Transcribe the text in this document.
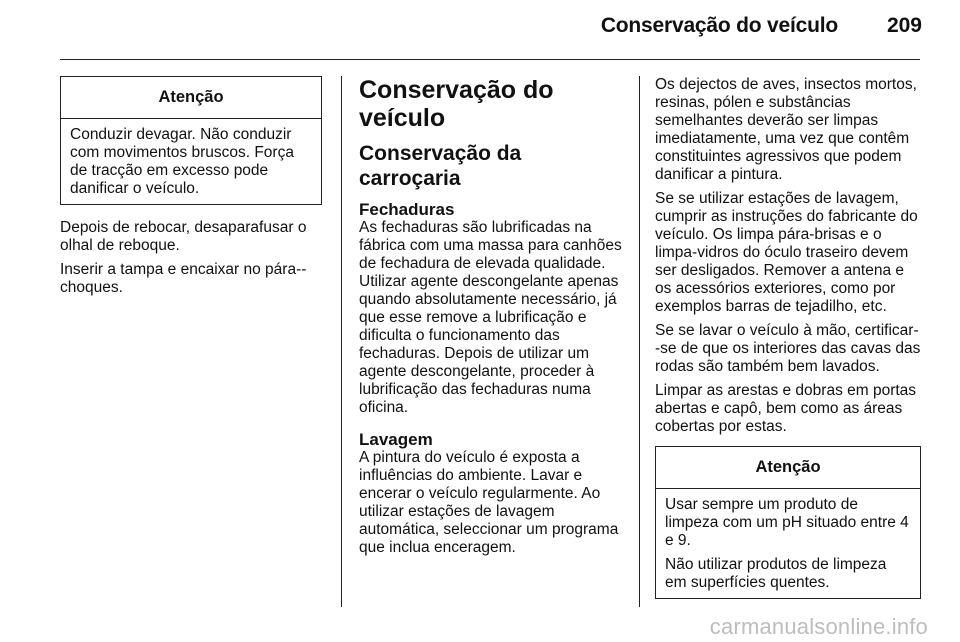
Conservação do veículo 209
Atenção

Conduzir devagar. Não conduzir com movimentos bruscos. Força de tracção em excesso pode danificar o veículo.

Depois de rebocar, desaparafusar o olhal de reboque.

Inserir a tampa e encaixar no pára--choques.

Conservação do veículo
Conservação da carroçaria
Fechaduras

As fechaduras são lubrificadas na fábrica com uma massa para canhões de fechadura de elevada qualidade. Utilizar agente descongelante apenas quando absolutamente necessário, já que esse remove a lubrificação e dificulta o funcionamento das fechaduras. Depois de utilizar um agente descongelante, proceder à lubrificação das fechaduras numa oficina.

Lavagem

A pintura do veículo é exposta a influências do ambiente. Lavar e encerar o veículo regularmente. Ao utilizar estações de lavagem automática, seleccionar um programa que inclua enceragem.

Os dejectos de aves, insectos mortos, resinas, pólen e substâncias semelhantes deverão ser limpas imediatamente, uma vez que contêm constituintes agressivos que podem danificar a pintura.

Se se utilizar estações de lavagem, cumprir as instruções do fabricante do veículo. Os limpa pára-brisas e o limpa-vidros do óculo traseiro devem ser desligados. Remover a antena e os acessórios exteriores, como por exemplos barras de tejadilho, etc.

Se se lavar o veículo à mão, certificar--se de que os interiores das cavas das rodas são também bem lavados.

Limpar as arestas e dobras em portas abertas e capô, bem como as áreas cobertas por estas.

Atenção

Usar sempre um produto de limpeza com um pH situado entre 4 e 9.

Não utilizar produtos de limpeza em superfícies quentes.

carmanualsonline.info
